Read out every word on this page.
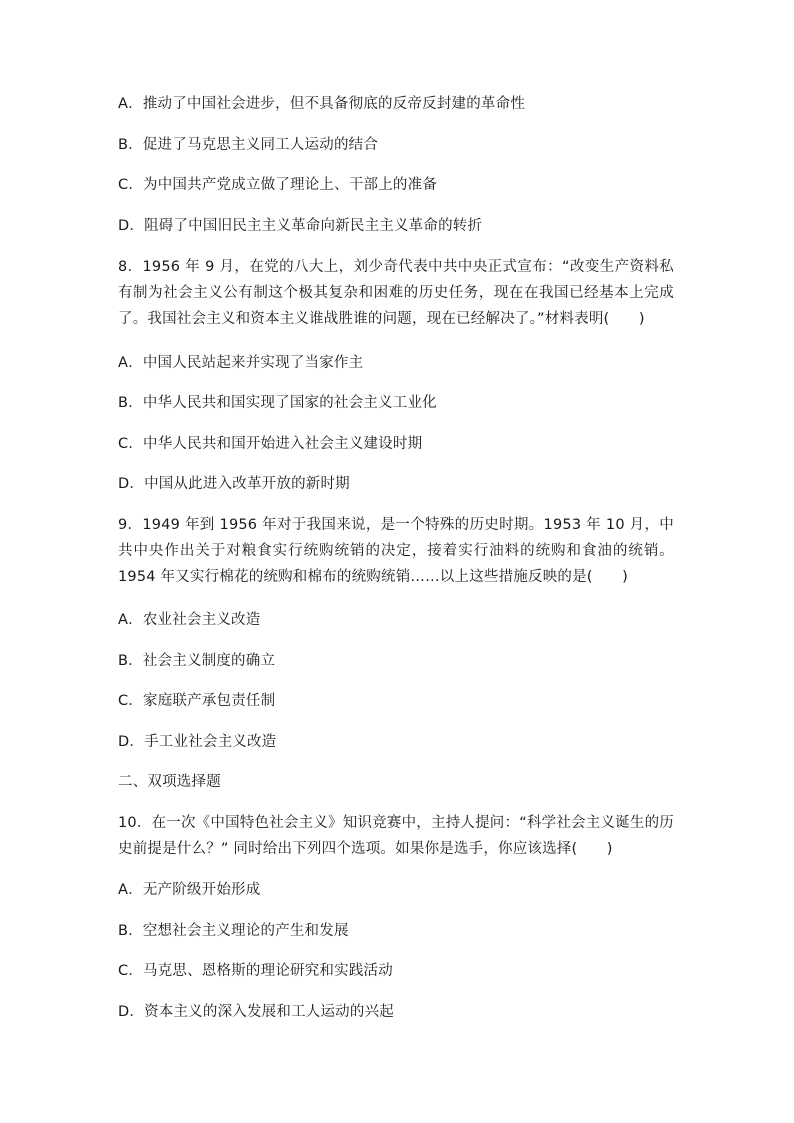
A．推动了中国社会进步，但不具备彻底的反帝反封建的革命性
B．促进了马克思主义同工人运动的结合
C．为中国共产党成立做了理论上、干部上的准备
D．阻碍了中国旧民主主义革命向新民主主义革命的转折
8．1956 年 9 月，在党的八大上，刘少奇代表中共中央正式宣布：“改变生产资料私有制为社会主义公有制这个极其复杂和困难的历史任务，现在在我国已经基本上完成了。我国社会主义和资本主义谁战胜谁的问题，现在已经解决了。”材料表明(　　)
A．中国人民站起来并实现了当家作主
B．中华人民共和国实现了国家的社会主义工业化
C．中华人民共和国开始进入社会主义建设时期
D．中国从此进入改革开放的新时期
9．1949 年到 1956 年对于我国来说，是一个特殊的历史时期。1953 年 10 月，中共中央作出关于对粮食实行统购统销的决定，接着实行油料的统购和食油的统销。1954 年又实行棉花的统购和棉布的统购统销……以上这些措施反映的是(　　)
A．农业社会主义改造
B．社会主义制度的确立
C．家庭联产承包责任制
D．手工业社会主义改造
二、双项选择题
10．在一次《中国特色社会主义》知识竞赛中，主持人提问：“科学社会主义诞生的历史前提是什么？” 同时给出下列四个选项。如果你是选手，你应该选择(　　)
A．无产阶级开始形成
B．空想社会主义理论的产生和发展
C．马克思、恩格斯的理论研究和实践活动
D．资本主义的深入发展和工人运动的兴起
